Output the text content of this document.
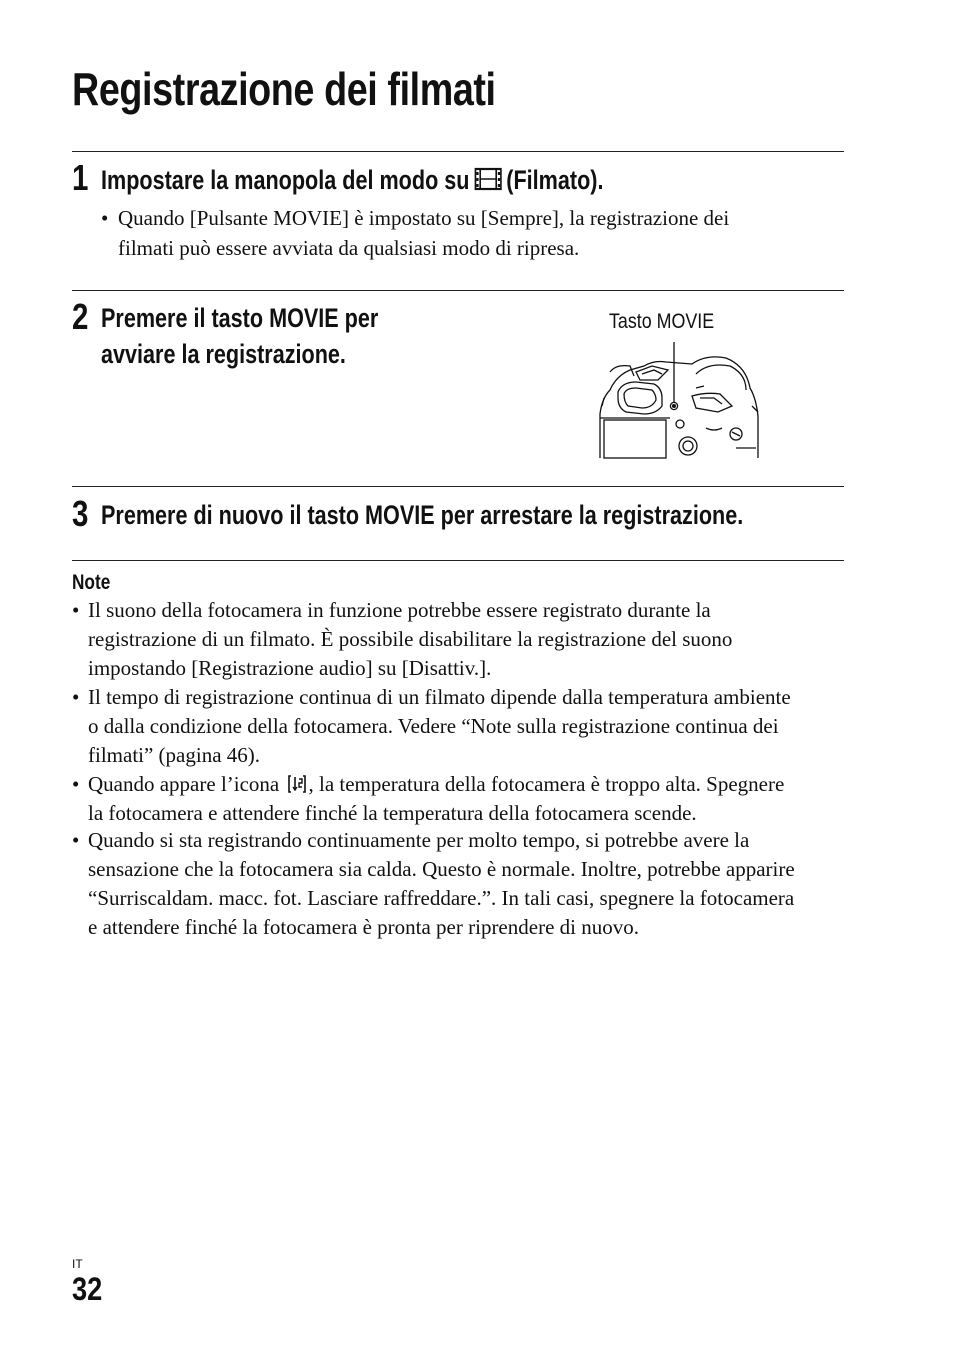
Registrazione dei filmati
1 Impostare la manopola del modo su (Filmato).
• Quando [Pulsante MOVIE] è impostato su [Sempre], la registrazione dei
filmati può essere avviata da qualsiasi modo di ripresa.
2 Premere il tasto MOVIE per
avviare la registrazione.
Tasto MOVIE
3 Premere di nuovo il tasto MOVIE per arrestare la registrazione.
Note
• Il suono della fotocamera in funzione potrebbe essere registrato durante la
registrazione di un filmato. È possibile disabilitare la registrazione del suono
impostando [Registrazione audio] su [Disattiv.].
• Il tempo di registrazione continua di un filmato dipende dalla temperatura ambiente
o dalla condizione della fotocamera. Vedere “Note sulla registrazione continua dei
filmati” (pagina 46).
• Quando appare l’icona , la temperatura della fotocamera è troppo alta. Spegnere
la fotocamera e attendere finché la temperatura della fotocamera scende.
• Quando si sta registrando continuamente per molto tempo, si potrebbe avere la
sensazione che la fotocamera sia calda. Questo è normale. Inoltre, potrebbe apparire
“Surriscaldam. macc. fot. Lasciare raffreddare.”. In tali casi, spegnere la fotocamera
e attendere finché la fotocamera è pronta per riprendere di nuovo.
IT
32
